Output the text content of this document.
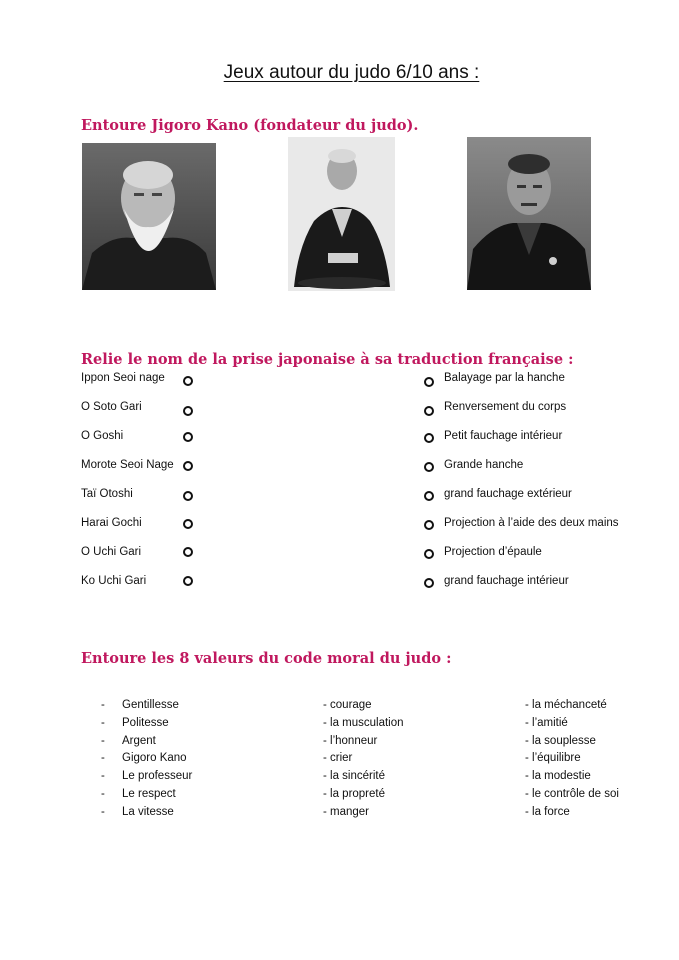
Jeux autour du judo 6/10 ans :
Entoure Jigoro Kano (fondateur du judo).
Relie le nom de la prise japonaise à sa traduction française :
Ippon Seoi nage
O Soto Gari
O Goshi
Morote Seoi Nage
Taï Otoshi
Harai Gochi
O Uchi Gari
Ko Uchi Gari
Balayage par la hanche
Renversement du corps
Petit fauchage intérieur
Grande hanche
grand fauchage extérieur
Projection à l’aide des deux mains
Projection d’épaule
grand fauchage intérieur
Entoure les 8 valeurs du code moral du judo :
- Gentillesse
- Politesse
- Argent
- Gigoro Kano
- Le professeur
- Le respect
- La vitesse
- courage
- la musculation
- l’honneur
- crier
- la sincérité
- la propreté
- manger
- la méchanceté
- l’amitié
- la souplesse
- l’équilibre
- la modestie
- le contrôle de soi
- la force
